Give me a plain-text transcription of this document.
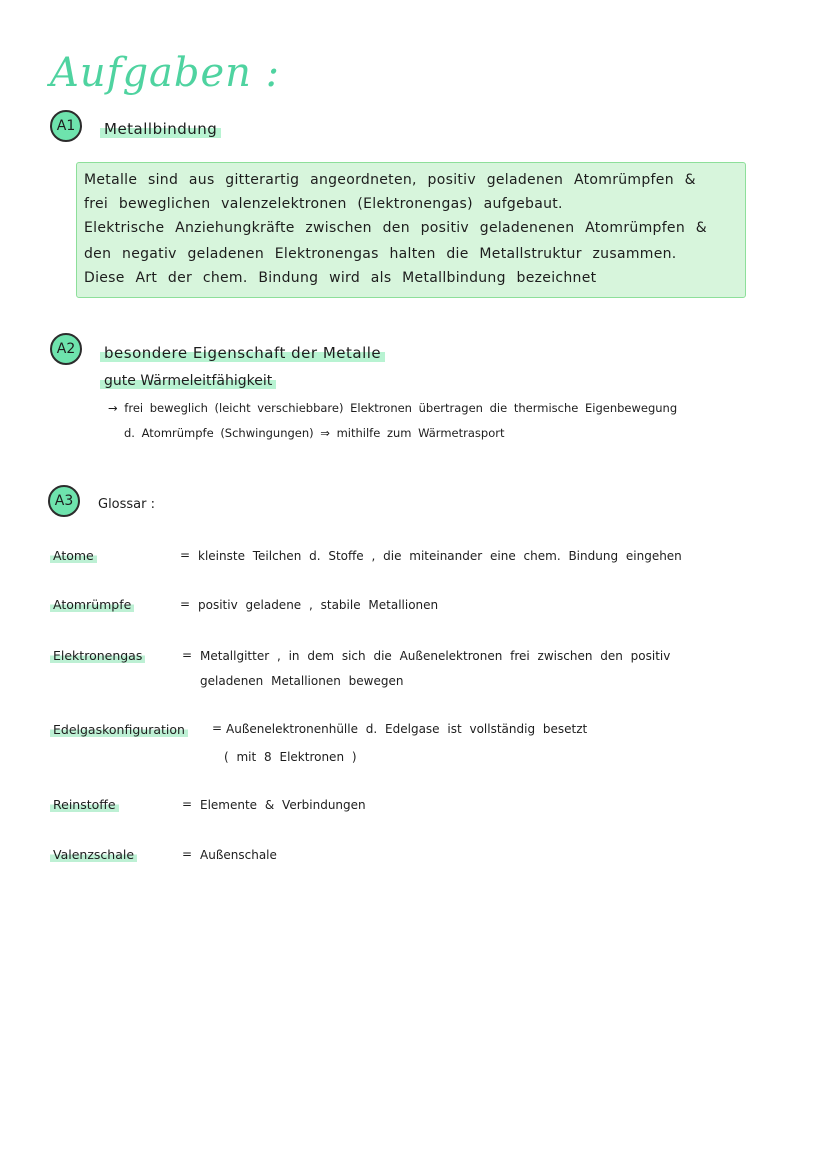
Aufgaben :
A1	Metallbindung
Metalle sind aus gitterartig angeordneten, positiv geladenen Atomrümpfen &
frei beweglichen valenzelektronen (Elektronengas) aufgebaut.
Elektrische Anziehungkräfte zwischen den positiv geladenenen Atomrümpfen &
den negativ geladenen Elektronengas halten die Metallstruktur zusammen.
Diese Art der chem. Bindung wird als Metallbindung bezeichnet
A2	besondere Eigenschaft der Metalle
gute Wärmeleitfähigkeit
→ frei beweglich (leicht verschiebbare) Elektronen übertragen die thermische Eigenbewegung
d. Atomrümpfe (Schwingungen) ⇒ mithilfe zum Wärmetrasport
A3	Glossar :
Atome	= kleinste Teilchen d. Stoffe , die miteinander eine chem. Bindung eingehen
Atomrümpfe	= positiv geladene , stabile Metallionen
Elektronengas	= Metallgitter , in dem sich die Außenelektronen frei zwischen den positiv
geladenen Metallionen bewegen
Edelgaskonfiguration = Außenelektronenhülle d. Edelgase ist vollständig besetzt
( mit 8 Elektronen )
Reinstoffe	= Elemente & Verbindungen
Valenzschale	= Außenschale
